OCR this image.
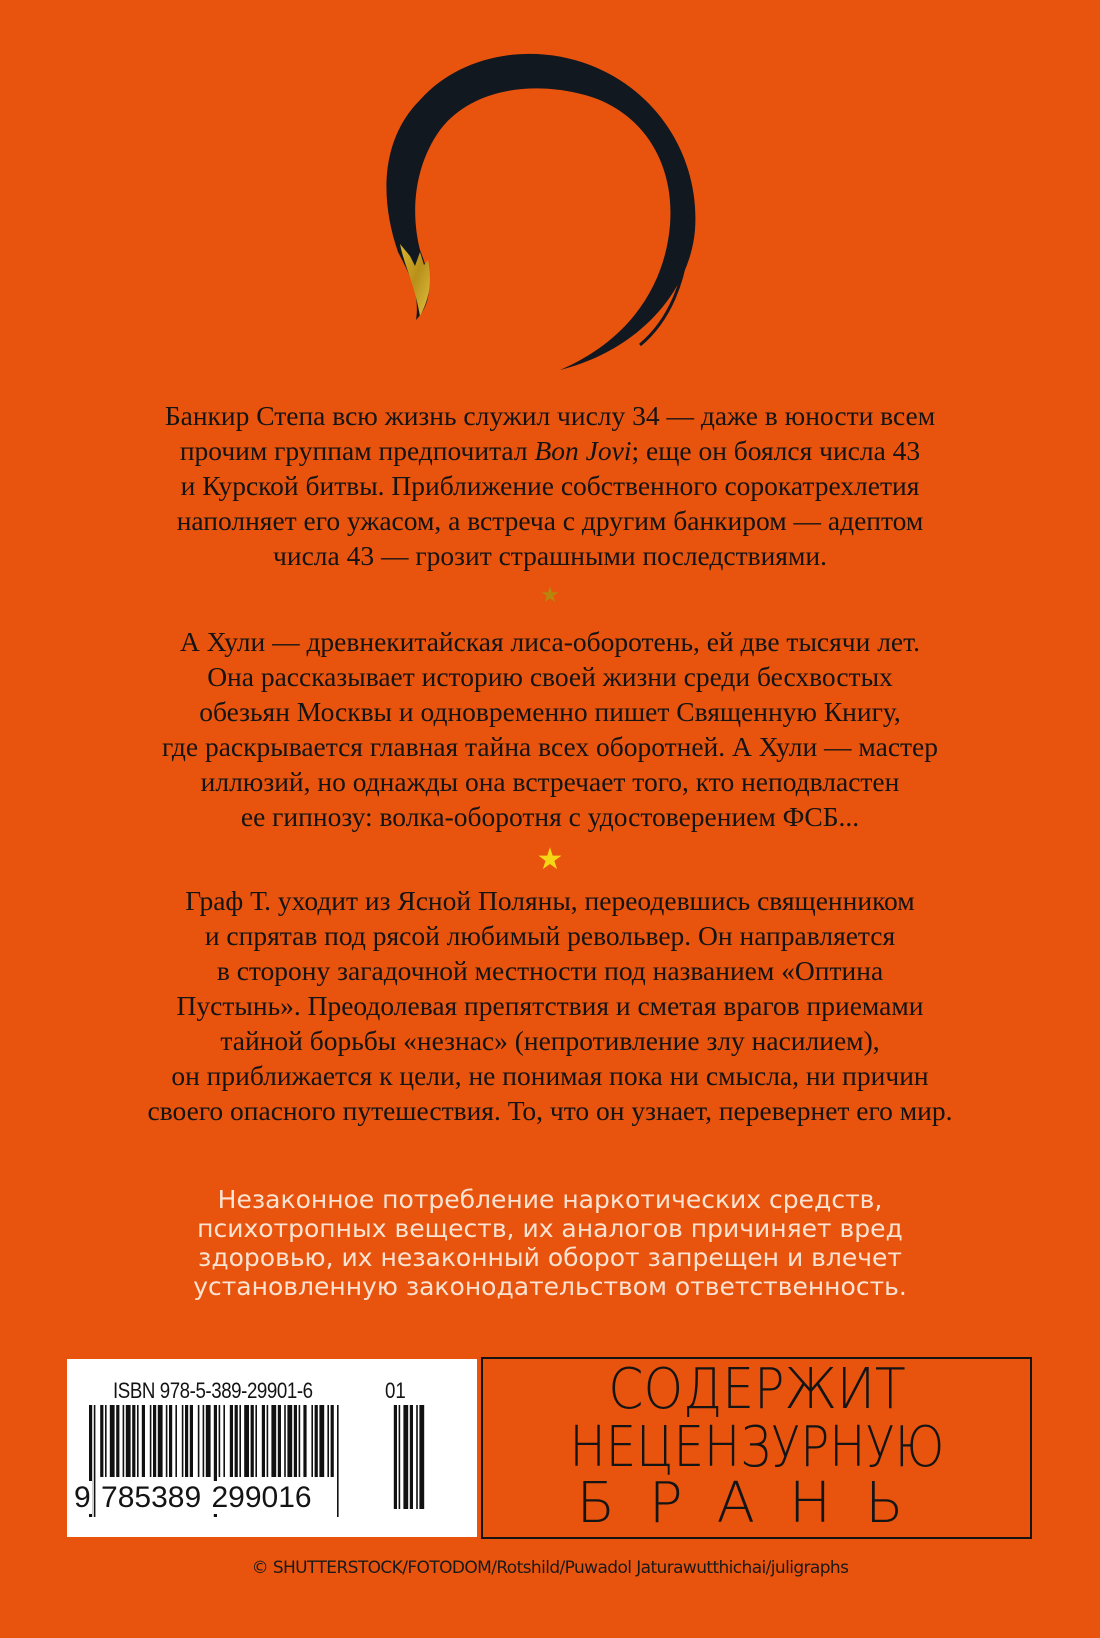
Банкир Степа всю жизнь служил числу 34 — даже в юности всем
прочим группам предпочитал Bon Jovi; еще он боялся числа 43
и Курской битвы. Приближение собственного сорокатрехлетия
наполняет его ужасом, а встреча с другим банкиром — адептом
числа 43 — грозит страшными последствиями.
★
А Хули — древнекитайская лиса-оборотень, ей две тысячи лет.
Она рассказывает историю своей жизни среди бесхвостых
обезьян Москвы и одновременно пишет Священную Книгу,
где раскрывается главная тайна всех оборотней. А Хули — мастер
иллюзий, но однажды она встречает того, кто неподвластен
ее гипнозу: волка-оборотня с удостоверением ФСБ...
★
Граф Т. уходит из Ясной Поляны, переодевшись священником
и спрятав под рясой любимый револьвер. Он направляется
в сторону загадочной местности под названием «Оптина
Пустынь». Преодолевая препятствия и сметая врагов приемами
тайной борьбы «незнас» (непротивление злу насилием),
он приближается к цели, не понимая пока ни смысла, ни причин
своего опасного путешествия. То, что он узнает, перевернет его мир.
Незаконное потребление наркотических средств,
психотропных веществ, их аналогов причиняет вред
здоровью, их незаконный оборот запрещен и влечет
установленную законодательством ответственность.
ISBN 978-5-389-29901-6	01
9 785389 299016
СОДЕРЖИТ
НЕЦЕНЗУРНУЮ
БРАНЬ
© SHUTTERSTOCK/FOTODOM/Rotshild/Puwadol Jaturawutthichai/juligraphs
